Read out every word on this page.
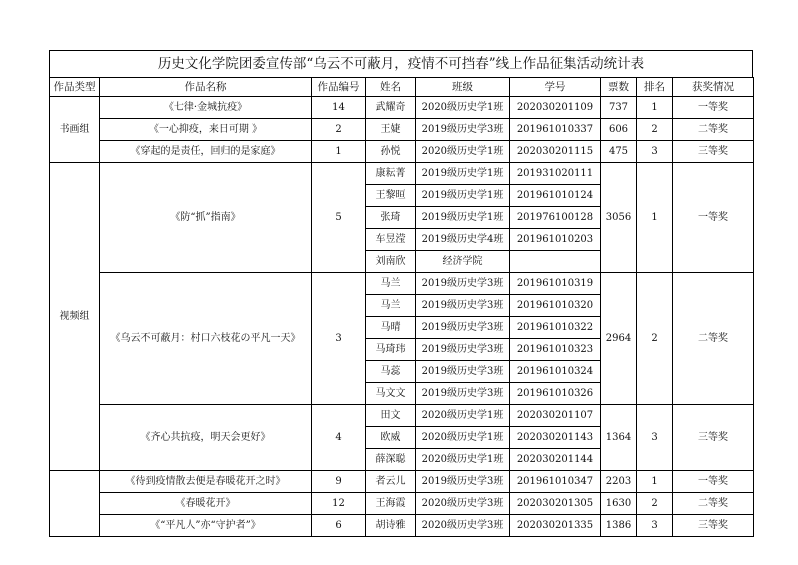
历史文化学院团委宣传部“乌云不可蔽月，疫情不可挡春”线上作品征集活动统计表
作品类型	作品名称	作品编号	姓名	班级	学号	票数	排名	获奖情况
书画组	《七律·金城抗疫》	14	武耀奇	2020级历史学1班	202030201109	737	1	一等奖
	《一心抑疫，来日可期 》	2	王婕	2019级历史学3班	201961010337	606	2	二等奖
	《穿起的是责任，回归的是家庭》	1	孙悦	2020级历史学1班	202030201115	475	3	三等奖
视频组	《防“抓”指南》	5	康耘菁	2019级历史学1班	201931020111	3056	1	一等奖
			王黎晅	2019级历史学1班	201961010124			
			张琦	2019级历史学1班	201976100128			
			车昱滢	2019级历史学4班	201961010203			
			刘南欣	经济学院				
	《乌云不可蔽月：村口六枝花の平凡一天》	3	马兰	2019级历史学3班	201961010319	2964	2	二等奖
			马兰	2019级历史学3班	201961010320			
			马晴	2019级历史学3班	201961010322			
			马琦玮	2019级历史学3班	201961010323			
			马蕊	2019级历史学3班	201961010324			
			马文文	2019级历史学3班	201961010326			
	《齐心共抗疫，明天会更好》	4	田文	2020级历史学1班	202030201107	1364	3	三等奖
			欧威	2020级历史学1班	202030201143			
			薛深聪	2020级历史学1班	202030201144			
	《待到疫情散去便是春暖花开之时》	9	者云儿	2019级历史学3班	201961010347	2203	1	一等奖
	《春暖花开》	12	王海霞	2020级历史学3班	202030201305	1630	2	二等奖
	《“平凡人”亦“守护者”》	6	胡诗雅	2020级历史学3班	202030201335	1386	3	三等奖
